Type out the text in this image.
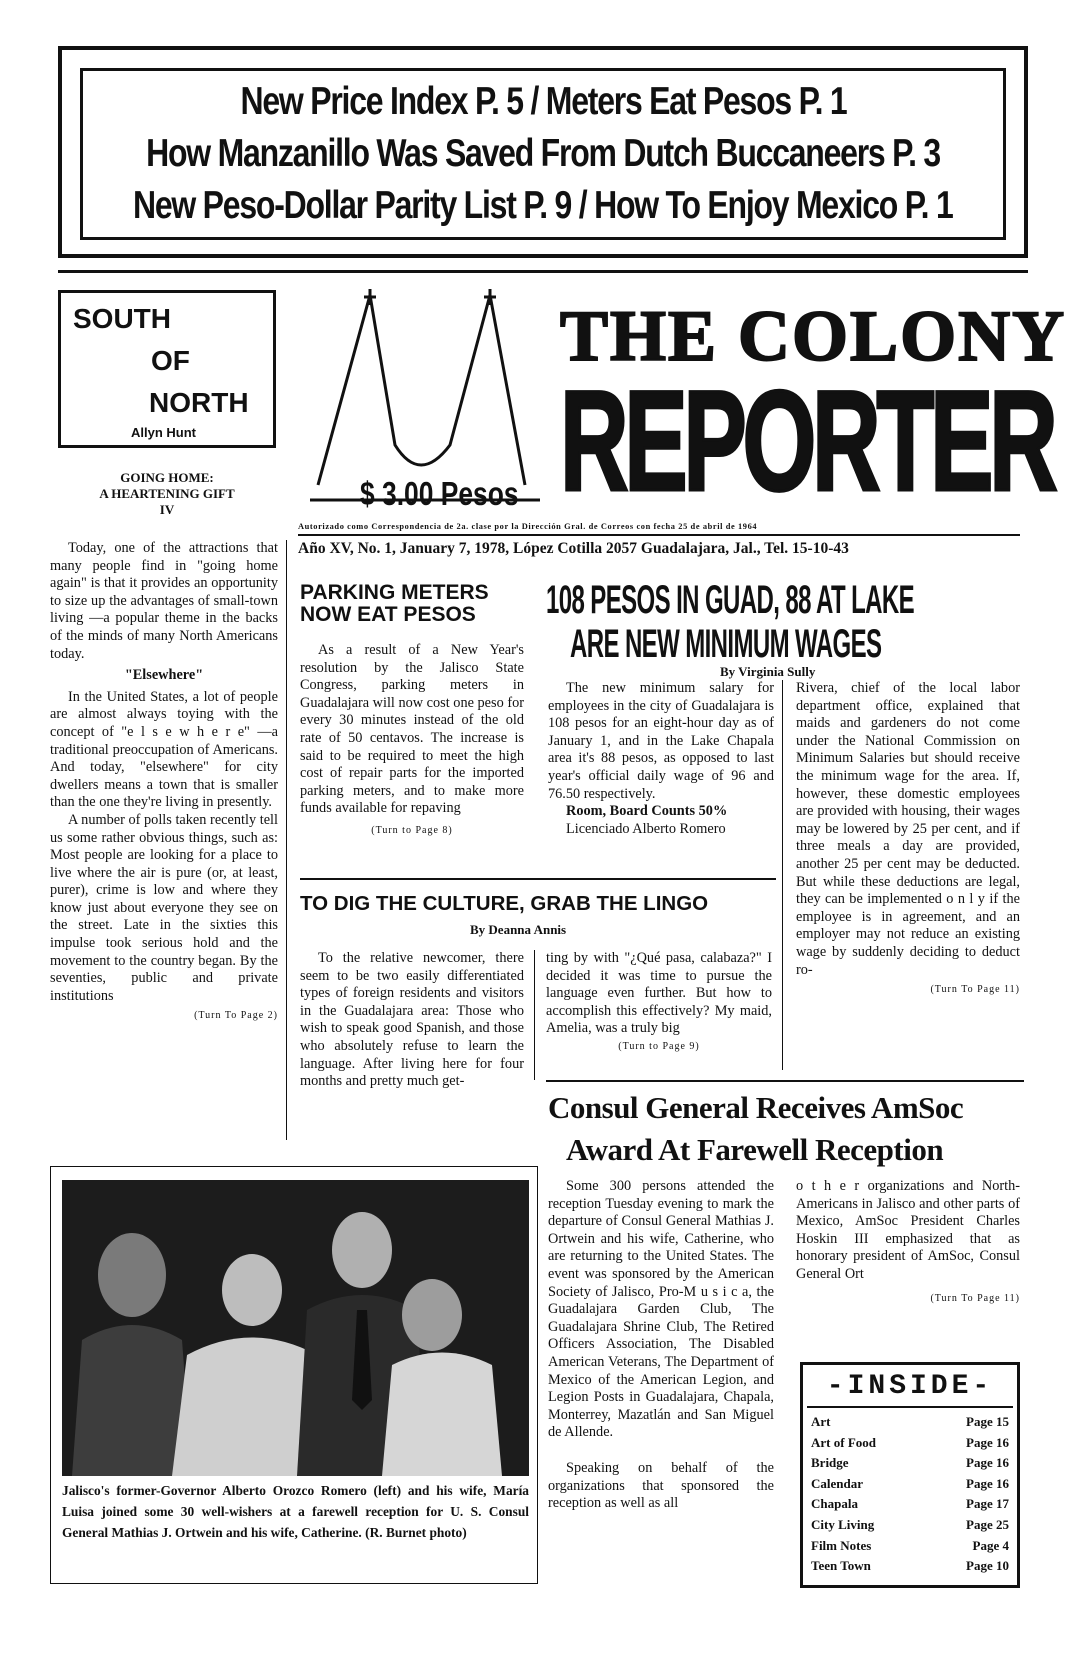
New Price Index P. 5 / Meters Eat Pesos P. 1
How Manzanillo Was Saved From Dutch Buccaneers P. 3
New Peso-Dollar Parity List P. 9 / How To Enjoy Mexico P. 1
SOUTH
OF
NORTH
Allyn Hunt
GOING HOME:
A HEARTENING GIFT
IV

Today, one of the attractions that many people find in "going home again" is that it provides an opportunity to size up the advantages of small-town living —a popular theme in the backs of the minds of many North Americans today.

"Elsewhere"

In the United States, a lot of people are almost always toying with the concept of "e l s e w h e r e" —a traditional preoccupation of Americans. And today, "elsewhere" for city dwellers means a town that is smaller than the one they're living in presently.

A number of polls taken recently tell us some rather obvious things, such as: Most people are looking for a place to live where the air is pure (or, at least, purer), crime is low and where they know just about everyone they see on the street. Late in the sixties this impulse took serious hold and the movement to the country began. By the seventies, public and private institutions

(Turn To Page 2)
$ 3.00 Pesos
THE COLONY
REPORTER
Autorizado como Correspondencia de 2a. clase por la Dirección Gral. de Correos con fecha 25 de abril de 1964
Año XV, No. 1, January 7, 1978, López Cotilla 2057 Guadalajara, Jal., Tel. 15-10-43
PARKING METERS
NOW EAT PESOS

As a result of a New Year's resolution by the Jalisco State Congress, parking meters in Guadalajara will now cost one peso for every 30 minutes instead of the old rate of 50 centavos. The increase is said to be required to meet the high cost of repair parts for the imported parking meters, and to make more funds available for repaving

(Turn to Page 8)
108 PESOS IN GUAD, 88 AT LAKE
ARE NEW MINIMUM WAGES
By Virginia Sully

The new minimum salary for employees in the city of Guadalajara is 108 pesos for an eight-hour day as of January 1, and in the Lake Chapala area it's 88 pesos, as opposed to last year's official daily wage of 96 and 76.50 respectively.

Room, Board Counts 50%

Licenciado Alberto Romero

Rivera, chief of the local labor department office, explained that maids and gardeners do not come under the National Commission on Minimum Salaries but should receive the minimum wage for the area. If, however, these domestic employees are provided with housing, their wages may be lowered by 25 per cent, and if three meals a day are provided, another 25 per cent may be deducted. But while these deductions are legal, they can be implemented o n l y if the employee is in agreement, and an employer may not reduce an existing wage by suddenly deciding to deduct ro-

(Turn To Page 11)
TO DIG THE CULTURE, GRAB THE LINGO
By Deanna Annis

To the relative newcomer, there seem to be two easily differentiated types of foreign residents and visitors in the Guadalajara area: Those who wish to speak good Spanish, and those who absolutely refuse to learn the language. After living here for four months and pretty much get-

ting by with "¿Qué pasa, calabaza?" I decided it was time to pursue the language even further. But how to accomplish this effectively? My maid, Amelia, was a truly big

(Turn to Page 9)
Consul General Receives AmSoc
Award At Farewell Reception

Some 300 persons attended the reception Tuesday evening to mark the departure of Consul General Mathias J. Ortwein and his wife, Catherine, who are returning to the United States. The event was sponsored by the American Society of Jalisco, Pro-M u s i c a, the Guadalajara Garden Club, The Guadalajara Shrine Club, The Retired Officers Association, The Disabled American Veterans, The Department of Mexico of the American Legion, and Legion Posts in Guadalajara, Chapala, Monterrey, Mazatlán and San Miguel de Allende.

Speaking on behalf of the organizations that sponsored the reception as well as all

o t h e r organizations and North-Americans in Jalisco and other parts of Mexico, AmSoc President Charles Hoskin III emphasized that as honorary president of AmSoc, Consul General Ort

(Turn To Page 11)
-INSIDE-
Art	Page 15
Art of Food	Page 16
Bridge	Page 16
Calendar	Page 16
Chapala	Page 17
City Living	Page 25
Film Notes	Page 4
Teen Town	Page 10
Jalisco's former-Governor Alberto Orozco Romero (left) and his wife, María Luisa joined some 30 well-wishers at a farewell reception for U. S. Consul General Mathias J. Ortwein and his wife, Catherine. (R. Burnet photo)
